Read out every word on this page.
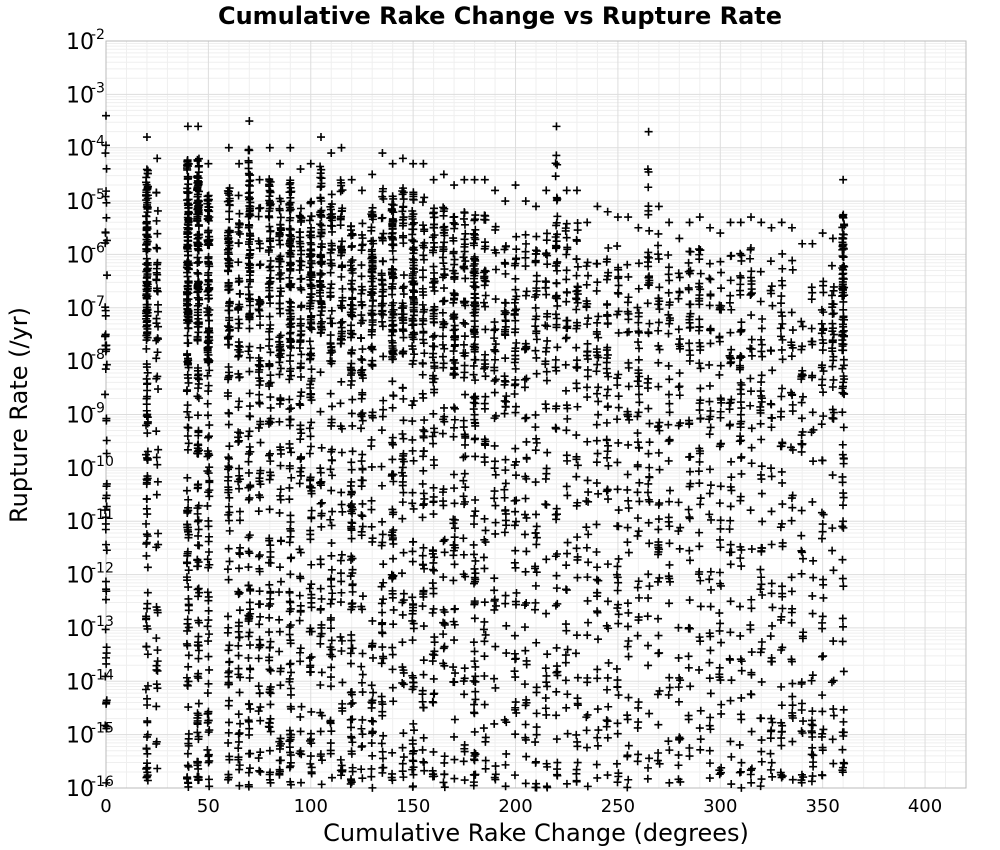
Cumulative Rake Change vs Rupture Rate
10
-16
10
-15
10
-14
10
-13
10
-12
10
-11
10
-10
10
-9
10
-8
10
-7
10
-6
10
-5
10
-4
10
-3
10
-2
0	50	100	150	200	250	300	350	400
Cumulative Rake Change (degrees)
Rupture Rate (/yr)
